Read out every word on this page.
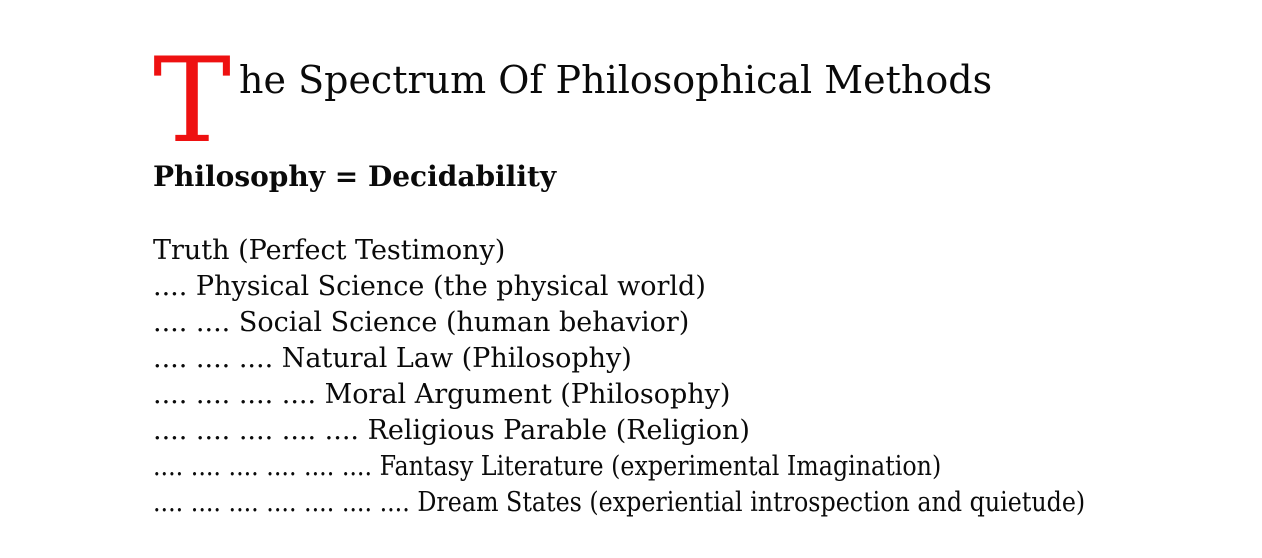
The Spectrum Of Philosophical Methods
Philosophy = Decidability
Truth (Perfect Testimony)
.... Physical Science (the physical world)
.... .... Social Science (human behavior)
.... .... .... Natural Law (Philosophy)
.... .... .... .... Moral Argument (Philosophy)
.... .... .... .... .... Religious Parable (Religion)
.... .... .... .... .... .... Fantasy Literature (experimental Imagination)
.... .... .... .... .... .... .... Dream States (experiential introspection and quietude)
